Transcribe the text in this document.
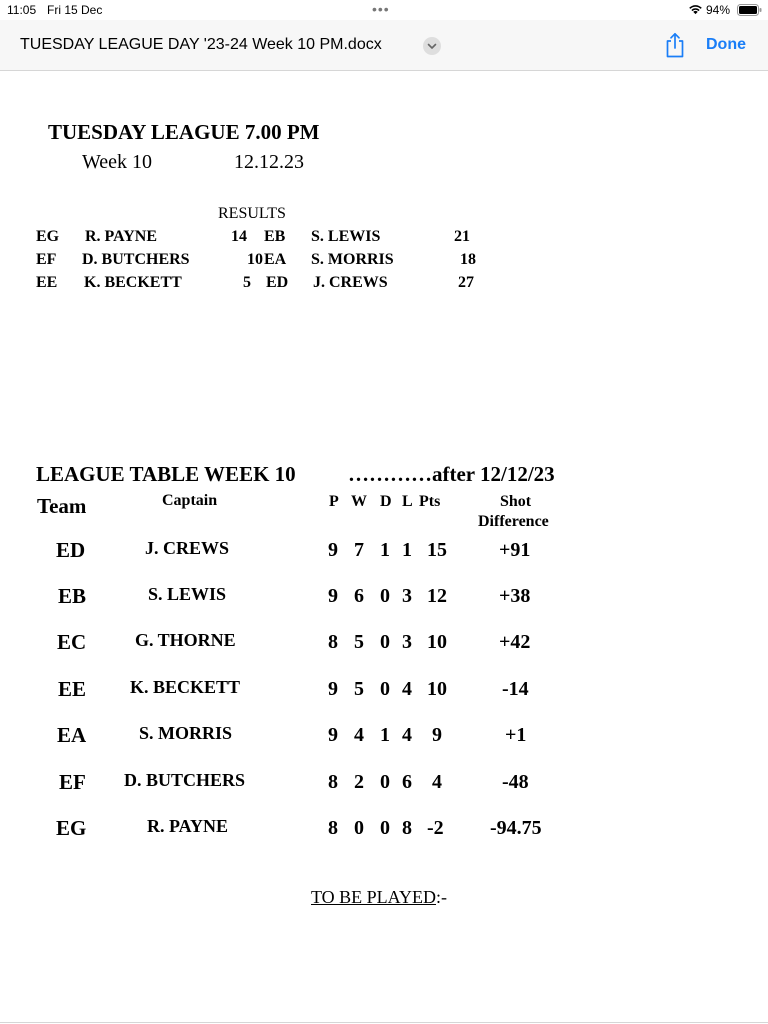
11:05 Fri 15 Dec	•••	94%
TUESDAY LEAGUE DAY '23-24 Week 10 PM.docx	Done
TUESDAY LEAGUE 7.00 PM
Week 10	12.12.23
RESULTS
EG R. PAYNE	14 EB S. LEWIS	21
EF D. BUTCHERS	10 EA S. MORRIS	18
EE K. BECKETT	5 ED J. CREWS	27
LEAGUE TABLE WEEK 10 …………after 12/12/23
Team	Captain	P W D L Pts	Shot
Difference
ED	J. CREWS	9 7 1 1 15	+91
EB	S. LEWIS	9 6 0 3 12	+38
EC	G. THORNE	8 5 0 3 10	+42
EE K. BECKETT	9 5 0 4 10	-14
EA	S. MORRIS	9 4 1 4 9	+1
EF D. BUTCHERS	8 2 0 6 4	-48
EG	R. PAYNE	8 0 0 8 -2 -94.75
TO BE PLAYED:-
